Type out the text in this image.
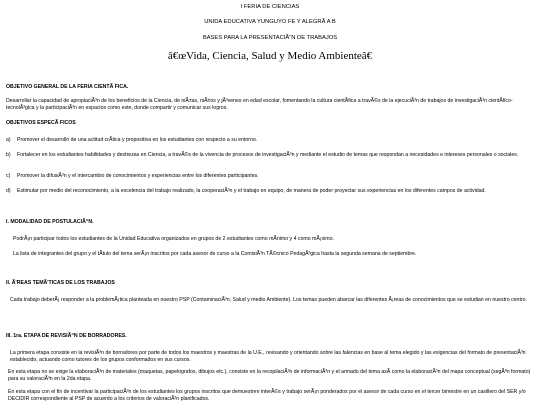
I FERIA DE CIENCIAS
UNIDA EDUCATIVA YUNGUYO FE Y ALEGRÃ A B
BASES PARA LA PRESENTACIÃ“N DE TRABAJOS
â€œVida, Ciencia, Salud y Medio Ambienteâ€
OBJETIVO GENERAL DE LA FERIA CIENTÃ FICA.
Desarrollar la capacidad de apropiaciÃ³n de los beneficios de la Ciencia, de niÃ±as, niÃ±os y jÃ³venes en edad escolar, fomentando la cultura cientÃfica a travÃ©s de la ejecuciÃ³n de trabajos de investigaciÃ³n cientÃfico-tecnolÃ³gica y la participaciÃ³n en espacios como este, donde compartir y comunicar sus logros.
OBJETIVOS ESPECÃ FICOS
a) Promover el desarrollo de una actitud crÃtica y propositiva en los estudiantes con respecto a su entorno.
b) Fortalecer en los estudiantes habilidades y destrezas en Ciencia, a travÃ©s de la vivencia de procesos de investigaciÃ³n y mediante el estudio de temas que respondan a necesidades e intereses personales o sociales.
c) Promover la difusiÃ³n y el intercambio de conocimientos y experiencias entre los diferentes participantes.
d) Estimular por medio del reconocimiento, a la excelencia del trabajo realizado, la cooperaciÃ³n y el trabajo en equipo, de manera de poder proyectar sus experiencias en los diferentes campos de actividad.
I. MODALIDAD DE POSTULACIÃ“N.
PodrÃ¡n participar todos los estudiantes de la Unidad Educativa organizados en grupos de 2 estudiantes como mÃnimo y 4 como mÃ¡ximo.
La lista de integrantes del grupo y el tÃtulo del tema serÃ¡n inscritos por cada asesor de curso a la ComisiÃ³n TÃ©cnico PedagÃ³gica hasta la segunda semana de septiembre.
II. Ã'REAS TEMÃ'TICAS DE LOS TRABAJOS
Cada trabajo deberÃ¡ responder a la problemÃ¡tica planteada en nuestro PSP (ContaminaciÃ³n, Salud y medio Ambiente). Los temas pueden abarcar las diferentes Ã¡reas de conocimientos que se estudian en nuestro centro.
III. 1ra. ETAPA DE REVISIÃ“N DE BORRADORES.
La primera etapa consiste en la revisiÃ³n de borradores por parte de todos los maestros y maestras de la U.E., revisando y orientando sobre las falencias en base al tema elegido y las exigencias del formato de presentaciÃ³n establecido, actuando como tutores de los grupos conformados en sus cursos.
En esta etapa no se exige la elaboraciÃ³n de materiales (maquetas, papelografos, dibujos etc.), consiste en la recopilaciÃ³n de informaciÃ³n y el armado del tema asÃ como la elaboraciÃ³n del mapa conceptual (segÃºn formato) para su valoraciÃ³n en la 2da etapa.
En esta etapa con el fin de incentivar la participaciÃ³n de los estudiantes los grupos inscritos que demuestren interÃ©s y trabajo serÃ¡n ponderados por el asesor de cada curso en el tercer bimestre en un casillero del SER y/o DECIDIR correspondiente al PSP de acuerdo a los criterios de valoraciÃ³n planificados.
